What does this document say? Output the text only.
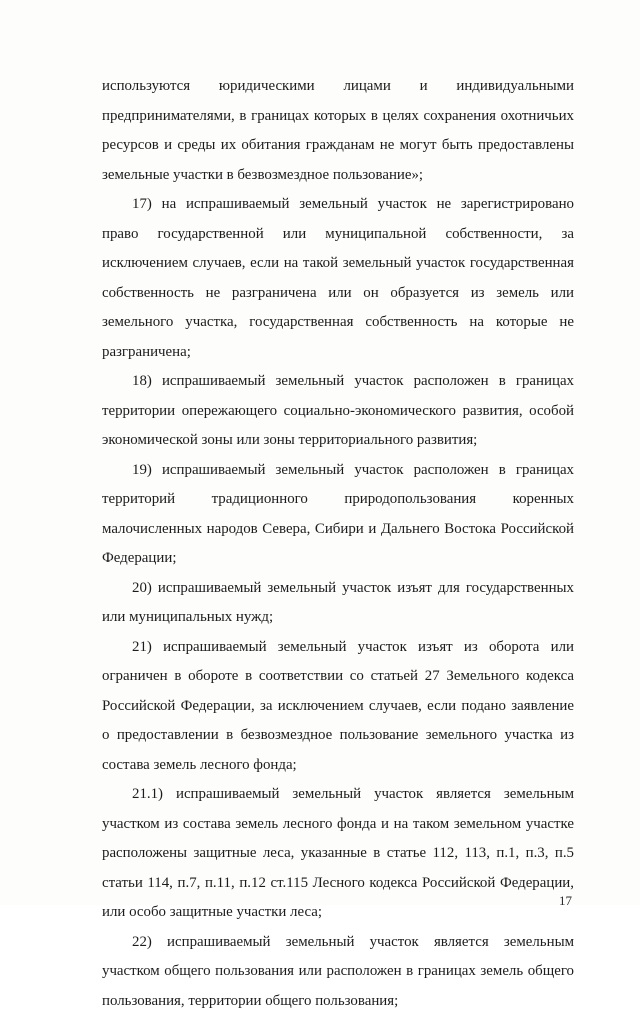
используются юридическими лицами и индивидуальными предпринимателями, в границах которых в целях сохранения охотничьих ресурсов и среды их обитания гражданам не могут быть предоставлены земельные участки в безвозмездное пользование»;

17) на испрашиваемый земельный участок не зарегистрировано право государственной или муниципальной собственности, за исключением случаев, если на такой земельный участок государственная собственность не разграничена или он образуется из земель или земельного участка, государственная собственность на которые не разграничена;

18) испрашиваемый земельный участок расположен в границах территории опережающего социально-экономического развития, особой экономической зоны или зоны территориального развития;

19) испрашиваемый земельный участок расположен в границах территорий традиционного природопользования коренных малочисленных народов Севера, Сибири и Дальнего Востока Российской Федерации;

20) испрашиваемый земельный участок изъят для государственных или муниципальных нужд;

21) испрашиваемый земельный участок изъят из оборота или ограничен в обороте в соответствии со статьей 27 Земельного кодекса Российской Федерации, за исключением случаев, если подано заявление о предоставлении в безвозмездное пользование земельного участка из состава земель лесного фонда;

21.1) испрашиваемый земельный участок является земельным участком из состава земель лесного фонда и на таком земельном участке расположены защитные леса, указанные в статье 112, 113, п.1, п.3, п.5 статьи 114, п.7, п.11, п.12 ст.115 Лесного кодекса Российской Федерации, или особо защитные участки леса;

22) испрашиваемый земельный участок является земельным участком общего пользования или расположен в границах земель общего пользования, территории общего пользования;

17
